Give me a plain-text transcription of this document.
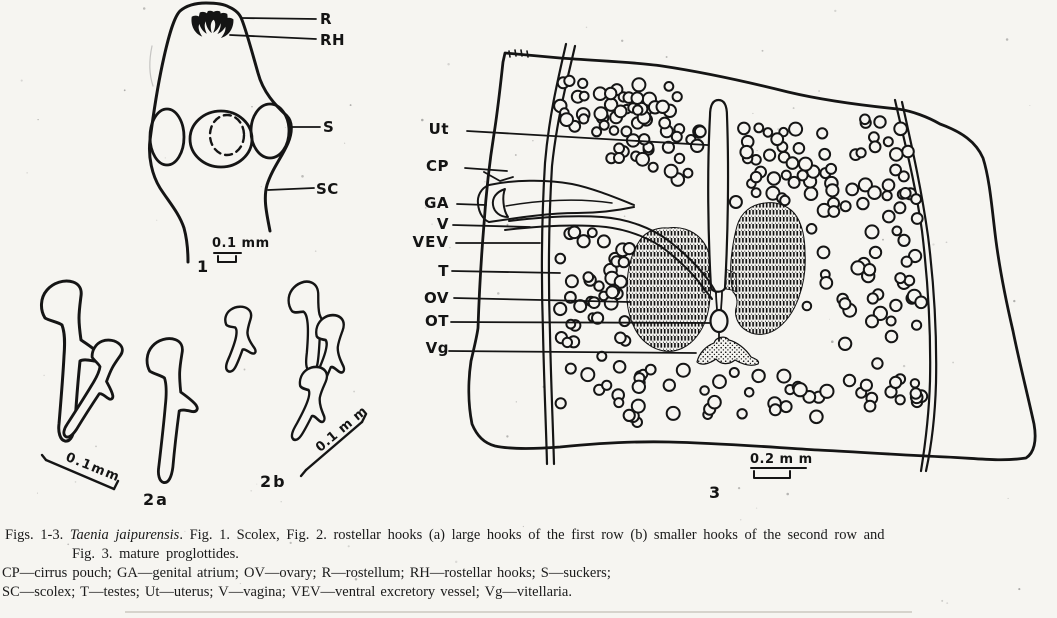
R
RH
S
SC
0.1 mm
1
0.1mm
2a
0.1 m m
2b
Ut
CP
GA
V
VEV
T
OV
OT
Vg
0.2 m m
3
Figs. 1-3. Taenia jaipurensis. Fig. 1. Scolex, Fig. 2. rostellar hooks (a) large hooks of the first row (b) smaller hooks of the second row and
Fig. 3. mature proglottides.
CP—cirrus pouch; GA—genital atrium; OV—ovary; R—rostellum; RH—rostellar hooks; S—suckers;
SC—scolex; T—testes; Ut—uterus; V—vagina; VEV—ventral excretory vessel; Vg—vitellaria.
